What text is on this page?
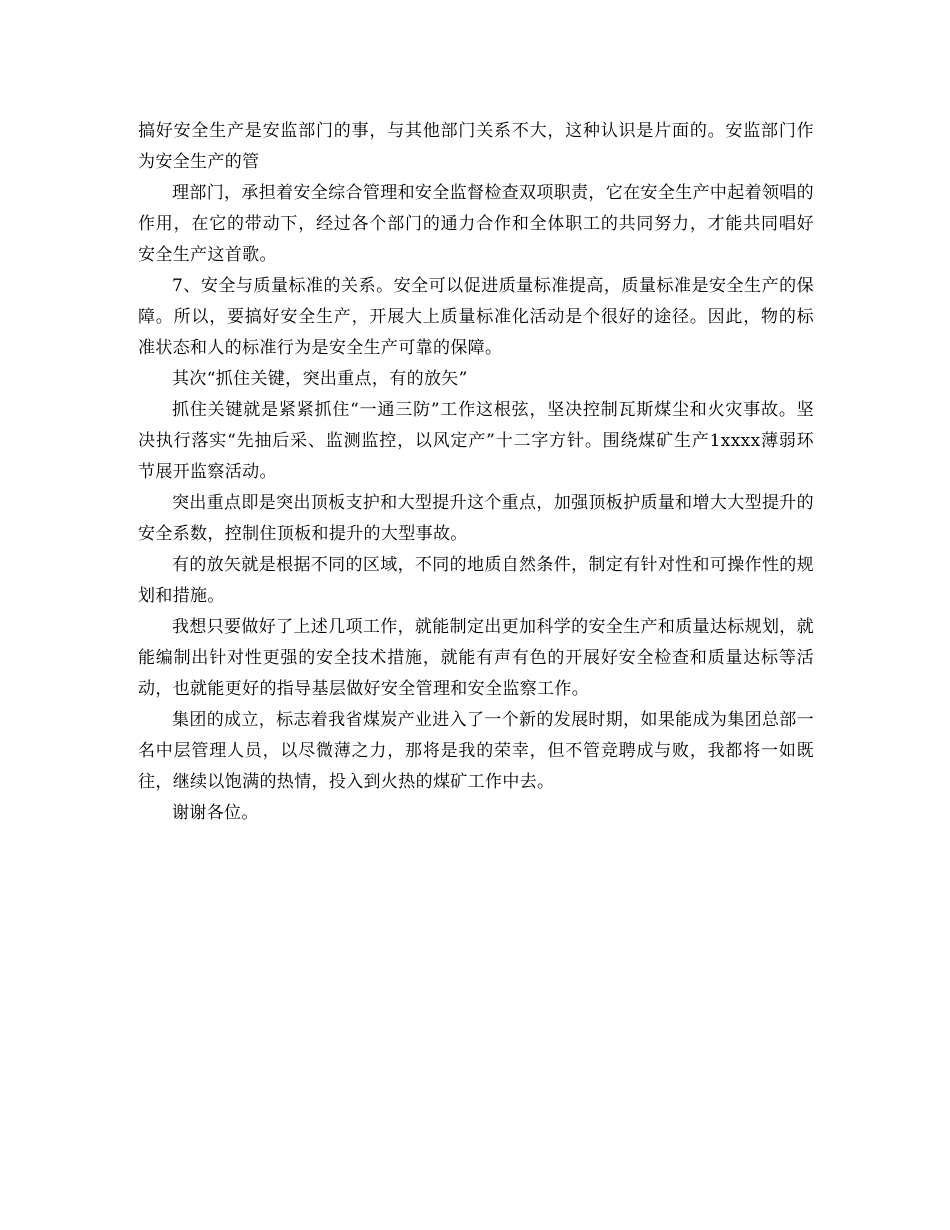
搞好安全生产是安监部门的事，与其他部门关系不大，这种认识是片面的。安监部门作为安全生产的管

理部门，承担着安全综合管理和安全监督检查双项职责，它在安全生产中起着领唱的作用，在它的带动下，经过各个部门的通力合作和全体职工的共同努力，才能共同唱好安全生产这首歌。

7、安全与质量标准的关系。安全可以促进质量标准提高，质量标准是安全生产的保障。所以，要搞好安全生产，开展大上质量标准化活动是个很好的途径。因此，物的标准状态和人的标准行为是安全生产可靠的保障。

其次“抓住关键，突出重点，有的放矢”

抓住关键就是紧紧抓住“一通三防”工作这根弦，坚决控制瓦斯煤尘和火灾事故。坚决执行落实“先抽后采、监测监控，以风定产”十二字方针。围绕煤矿生产1xxxx薄弱环节展开监察活动。

突出重点即是突出顶板支护和大型提升这个重点，加强顶板护质量和增大大型提升的安全系数，控制住顶板和提升的大型事故。

有的放矢就是根据不同的区域，不同的地质自然条件，制定有针对性和可操作性的规划和措施。

我想只要做好了上述几项工作，就能制定出更加科学的安全生产和质量达标规划，就能编制出针对性更强的安全技术措施，就能有声有色的开展好安全检查和质量达标等活动，也就能更好的指导基层做好安全管理和安全监察工作。

集团的成立，标志着我省煤炭产业进入了一个新的发展时期，如果能成为集团总部一名中层管理人员，以尽微薄之力，那将是我的荣幸，但不管竞聘成与败，我都将一如既往，继续以饱满的热情，投入到火热的煤矿工作中去。

谢谢各位。
